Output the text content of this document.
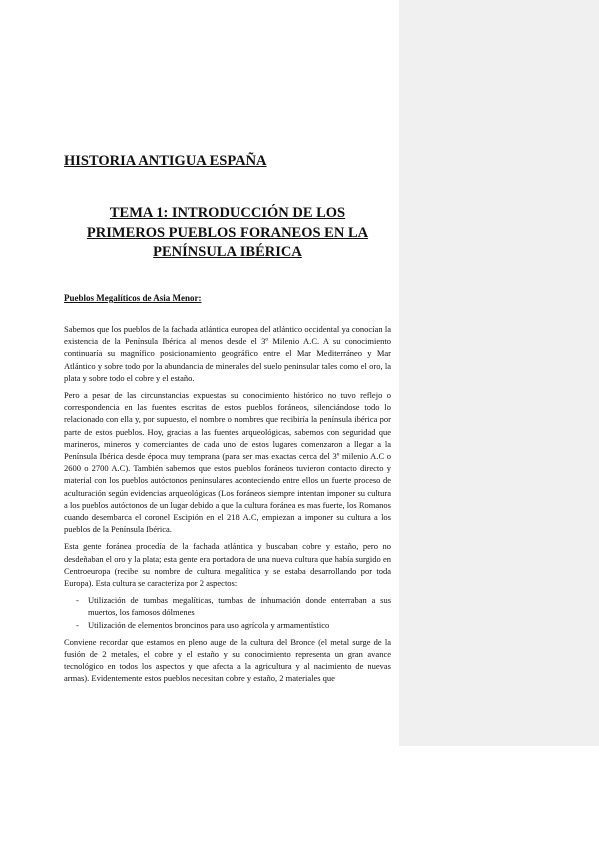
HISTORIA ANTIGUA ESPAÑA
TEMA 1: INTRODUCCIÓN DE LOS
PRIMEROS PUEBLOS FORANEOS EN LA
PENÍNSULA IBÉRICA
Pueblos Megalíticos de Asia Menor:

Sabemos que los pueblos de la fachada atlántica europea del atlántico occidental ya conocían la existencia de la Península Ibérica al menos desde el 3º Milenio A.C. A su conocimiento continuaría su magnífico posicionamiento geográfico entre el Mar Mediterráneo y Mar Atlántico y sobre todo por la abundancia de minerales del suelo peninsular tales como el oro, la plata y sobre todo el cobre y el estaño.

Pero a pesar de las circunstancias expuestas su conocimiento histórico no tuvo reflejo o correspondencia en las fuentes escritas de estos pueblos foráneos, silenciándose todo lo relacionado con ella y, por supuesto, el nombre o nombres que recibiría la península ibérica por parte de estos pueblos. Hoy, gracias a las fuentes arqueológicas, sabemos con seguridad que marineros, mineros y comerciantes de cada uno de estos lugares comenzaron a llegar a la Península Ibérica desde época muy temprana (para ser mas exactas cerca del 3º milenio A.C o 2600 o 2700 A.C). También sabemos que estos pueblos foráneos tuvieron contacto directo y material con los pueblos autóctonos peninsulares aconteciendo entre ellos un fuerte proceso de aculturación según evidencias arqueológicas (Los foráneos siempre intentan imponer su cultura a los pueblos autóctonos de un lugar debido a que la cultura foránea es mas fuerte, los Romanos cuando desembarca el coronel Escipión en el 218 A.C, empiezan a imponer su cultura a los pueblos de la Península Ibérica.

Esta gente foránea procedía de la fachada atlántica y buscaban cobre y estaño, pero no desdeñaban el oro y la plata; esta gente era portadora de una nueva cultura que había surgido en Centroeuropa (recibe su nombre de cultura megalítica y se estaba desarrollando por toda Europa). Esta cultura se caracteriza por 2 aspectos:

- Utilización de tumbas megalíticas, tumbas de inhumación donde enterraban a sus muertos, los famosos dólmenes
- Utilización de elementos broncinos para uso agrícola y armamentístico

Conviene recordar que estamos en pleno auge de la cultura del Bronce (el metal surge de la fusión de 2 metales, el cobre y el estaño y su conocimiento representa un gran avance tecnológico en todos los aspectos y que afecta a la agricultura y al nacimiento de nuevas armas). Evidentemente estos pueblos necesitan cobre y estaño, 2 materiales que
